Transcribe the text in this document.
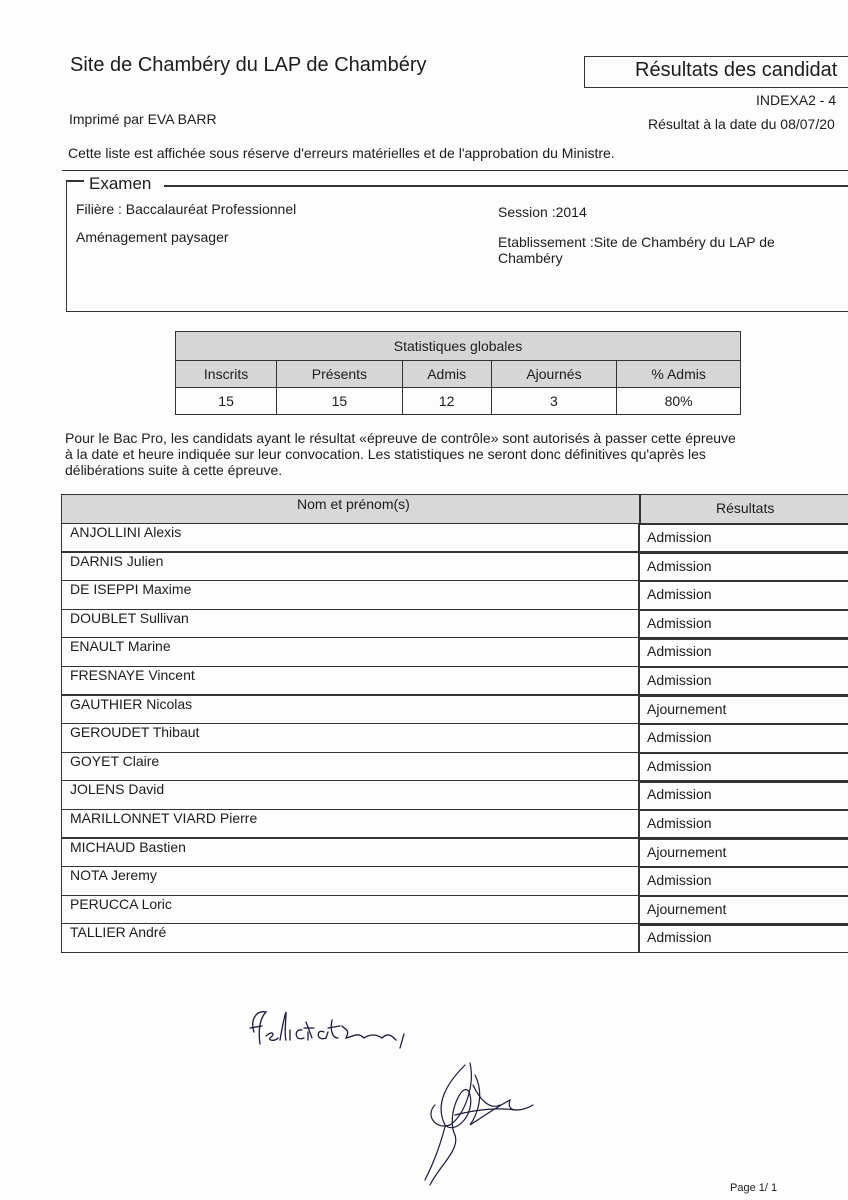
Site de Chambéry du LAP de Chambéry	Résultats des candidat
INDEXA2 - 4
Imprimé par EVA BARR	Résultat à la date du 08/07/20
Cette liste est affichée sous réserve d'erreurs matérielles et de l'approbation du Ministre.
Examen
Filière : Baccalauréat Professionnel
Aménagement paysager
Session :2014
Etablissement :Site de Chambéry du LAP de
Chambéry
Statistiques globales				
Inscrits	Présents	Admis	Ajournés	% Admis
15	15	12	3	80%
Pour le Bac Pro, les candidats ayant le résultat «épreuve de contrôle» sont autorisés à passer cette épreuve
à la date et heure indiquée sur leur convocation. Les statistiques ne seront donc définitives qu'après les
délibérations suite à cette épreuve.
Nom et prénom(s)	Résultats
ANJOLLINI Alexis	Admission
DARNIS Julien	Admission
DE ISEPPI Maxime	Admission
DOUBLET Sullivan	Admission
ENAULT Marine	Admission
FRESNAYE Vincent	Admission
GAUTHIER Nicolas	Ajournement
GEROUDET Thibaut	Admission
GOYET Claire	Admission
JOLENS David	Admission
MARILLONNET VIARD Pierre	Admission
MICHAUD Bastien	Ajournement
NOTA Jeremy	Admission
PERUCCA Loric	Ajournement
TALLIER André	Admission
Page 1/ 1
